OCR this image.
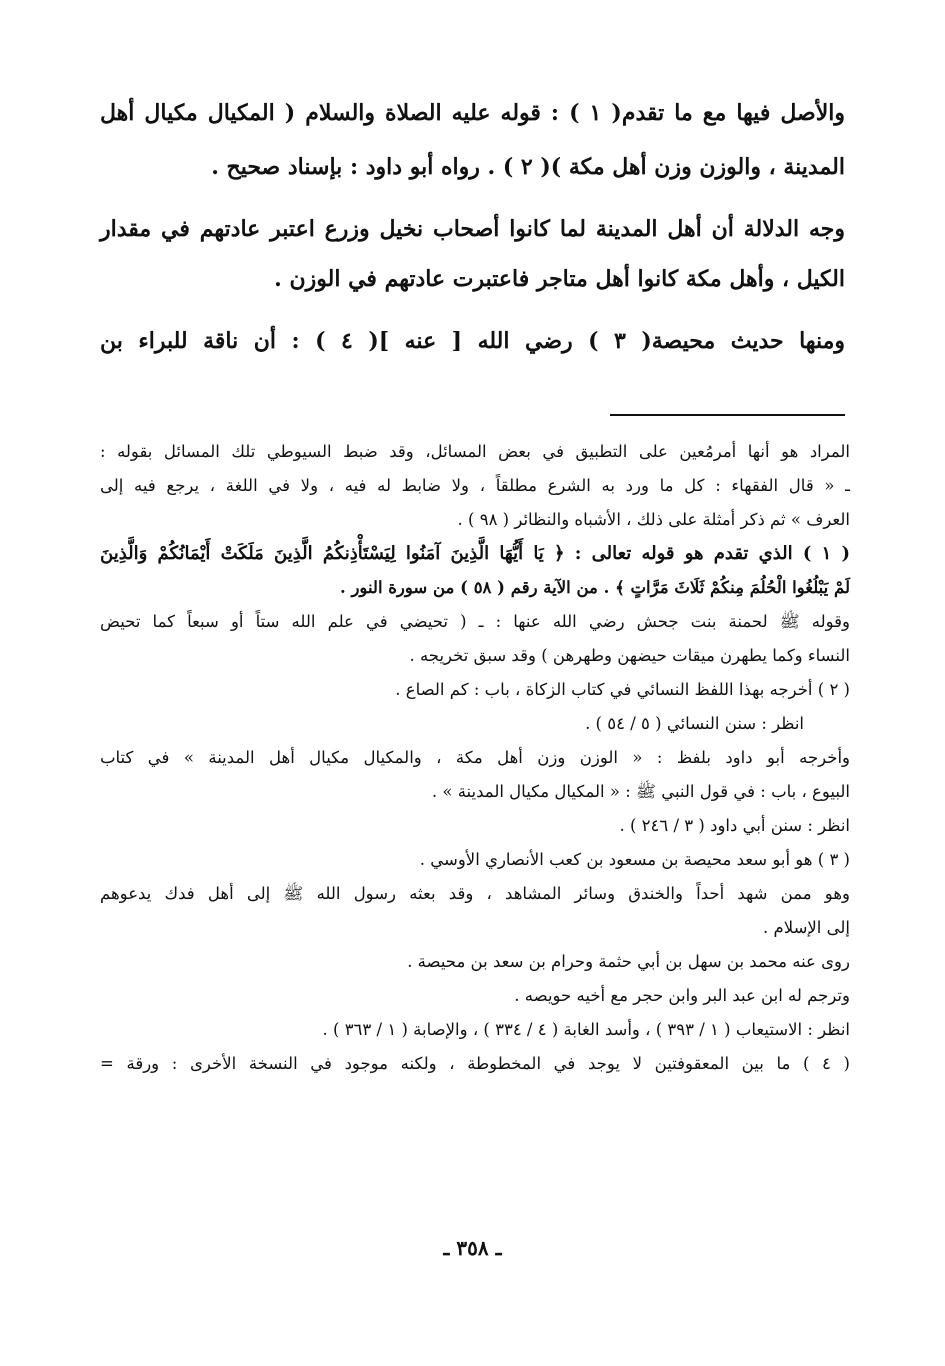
والأصل فيها مع ما تقدم( ١ ) : قوله عليه الصلاة والسلام ( المكيال مكيال أهل
المدينة ، والوزن وزن أهل مكة )( ٢ ) . رواه أبو داود : بإسناد صحيح .
وجه الدلالة أن أهل المدينة لما كانوا أصحاب نخيل وزرع اعتبر عادتهم في مقدار
الكيل ، وأهل مكة كانوا أهل متاجر فاعتبرت عادتهم في الوزن .
ومنها حديث محيصة( ٣ ) رضي الله [ عنه ]( ٤ ) : أن ناقة للبراء بن
المراد هو أنها أمرمُعين على التطبيق في بعض المسائل، وقد ضبط السيوطي تلك المسائل بقوله :
ـ « قال الفقهاء : كل ما ورد به الشرع مطلقاً ، ولا ضابط له فيه ، ولا في اللغة ، يرجع فيه إلى
العرف » ثم ذكر أمثلة على ذلك ، الأشباه والنظائر ( ٩٨ ) .
( ١ ) الذي تقدم هو قوله تعالى : ﴿ يَا أَيُّهَا الَّذِينَ آمَنُوا لِيَسْتَأْذِنكُمُ الَّذِينَ مَلَكَتْ أَيْمَانُكُمْ وَالَّذِينَ
لَمْ يَبْلُغُوا الْحُلُمَ مِنكُمْ ثَلَاثَ مَرَّاتٍ ﴾ . من الآية رقم ( ٥٨ ) من سورة النور .
وقوله ﷺ لحمنة بنت جحش رضي الله عنها : ـ ( تحيضي في علم الله ستاً أو سبعاً كما تحيض
النساء وكما يطهرن ميقات حيضهن وطهرهن ) وقد سبق تخريجه .
( ٢ ) أخرجه بهذا اللفظ النسائي في كتاب الزكاة ، باب : كم الصاع .
انظر : سنن النسائي ( ٥ / ٥٤ ) .
وأخرجه أبو داود بلفظ : « الوزن وزن أهل مكة ، والمكيال مكيال أهل المدينة » في كتاب
البيوع ، باب : في قول النبي ﷺ : « المكيال مكيال المدينة » .
انظر : سنن أبي داود ( ٣ / ٢٤٦ ) .
( ٣ ) هو أبو سعد محيصة بن مسعود بن كعب الأنصاري الأوسي .
وهو ممن شهد أحداً والخندق وسائر المشاهد ، وقد بعثه رسول الله ﷺ إلى أهل فدك يدعوهم
إلى الإسلام .
روى عنه محمد بن سهل بن أبي حثمة وحرام بن سعد بن محيصة .
وترجم له ابن عبد البر وابن حجر مع أخيه حويصه .
انظر : الاستيعاب ( ١ / ٣٩٣ ) ، وأسد الغابة ( ٤ / ٣٣٤ ) ، والإصابة ( ١ / ٣٦٣ ) .
( ٤ ) ما بين المعقوفتين لا يوجد في المخطوطة ، ولكنه موجود في النسخة الأخرى : ورقة =
ـ ٣٥٨ ـ
